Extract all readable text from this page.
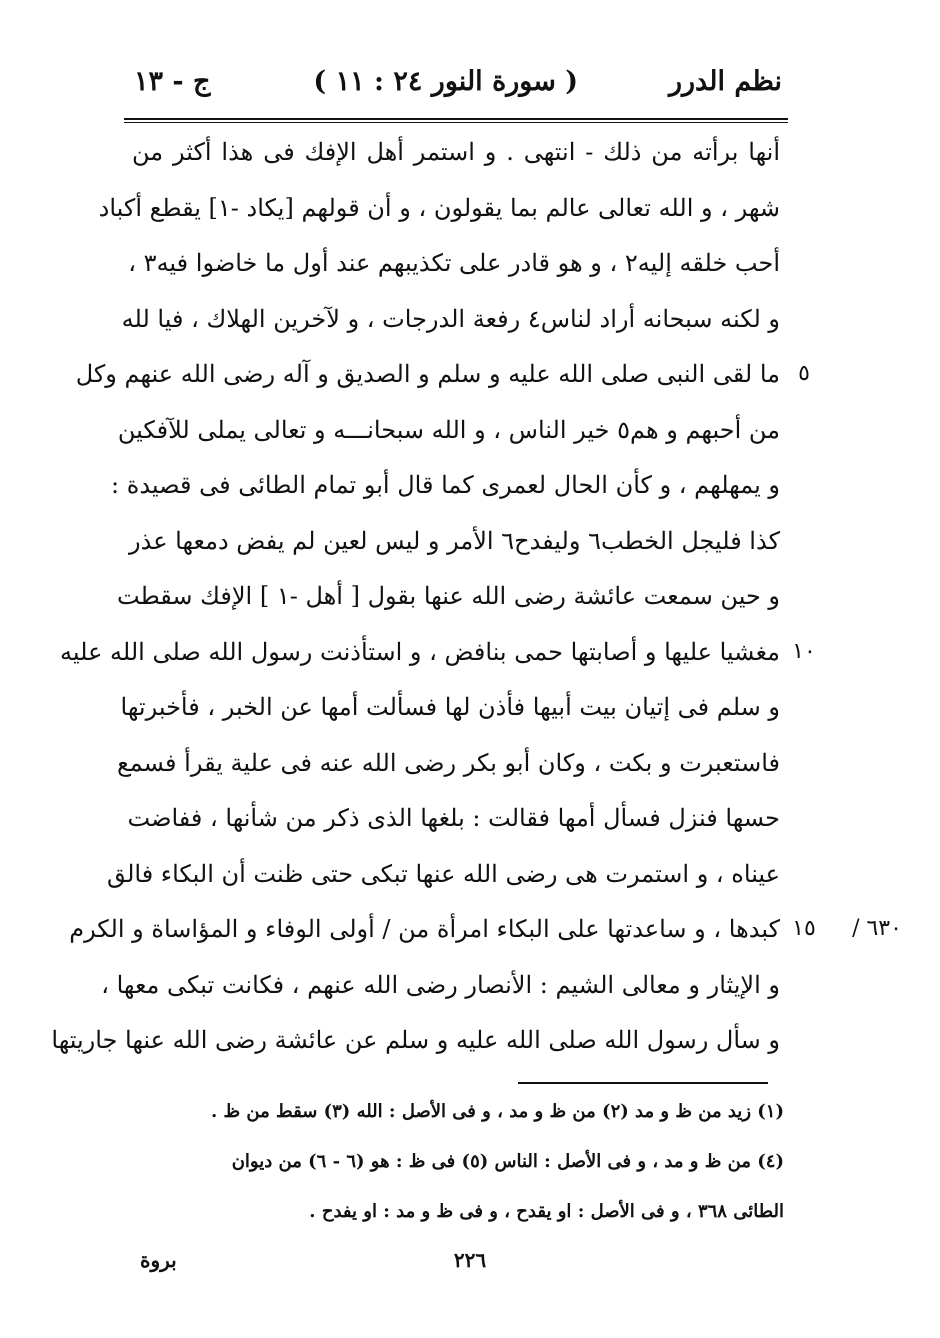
نظم الدرر
( سورة النور ٢٤ : ١١ )
ج - ١٣
أنها برأته من ذلك - انتهى . و استمر أهل الإفك فى هذا أكثر من
شهر ، و الله تعالى عالم بما يقولون ، و أن قولهم [يكاد -١] يقطع أكباد
أحب خلقه إليه٢ ، و هو قادر على تكذيبهم عند أول ما خاضوا فيه٣ ،
و لكنه سبحانه أراد لناس٤ رفعة الدرجات ، و لآخرين الهلاك ، فيا لله
ما لقى النبى صلى الله عليه و سلم و الصديق و آله رضى الله عنهم وكل ٥
من أحبهم و هم٥ خير الناس ، و الله سبحانـــه و تعالى يملى للآفكين
و يمهلهم ، و كأن الحال لعمرى كما قال أبو تمام الطائى فى قصيدة :
كذا فليجل الخطب٦ وليفدح٦ الأمر و ليس لعين لم يفض دمعها عذر
و حين سمعت عائشة رضى الله عنها بقول [ أهل -١ ] الإفك سقطت
مغشيا عليها و أصابتها حمى بنافض ، و استأذنت رسول الله صلى الله عليه ١٠
و سلم فى إتيان بيت أبيها فأذن لها فسألت أمها عن الخبر ، فأخبرتها
فاستعبرت و بكت ، وكان أبو بكر رضى الله عنه فى علية يقرأ فسمع
حسها فنزل فسأل أمها فقالت : بلغها الذى ذكر من شأنها ، ففاضت
عيناه ، و استمرت هى رضى الله عنها تبكى حتى ظنت أن البكاء فالق
كبدها ، و ساعدتها على البكاء امرأة من / أولى الوفاء و المؤاساة و الكرم ١٥	٦٣٠ /
و الإيثار و معالى الشيم : الأنصار رضى الله عنهم ، فكانت تبكى معها ،
و سأل رسول الله صلى الله عليه و سلم عن عائشة رضى الله عنها جاريتها
(١) زيد من ظ و مد (٢) من ظ و مد ، و فى الأصل : الله (٣) سقط من ظ .
(٤) من ظ و مد ، و فى الأصل : الناس (٥) فى ظ : هو (٦ - ٦) من ديوان
الطائى ٣٦٨ ، و فى الأصل : او يقدح ، و فى ظ و مد : او يفدح .
٢٢٦
بروة
